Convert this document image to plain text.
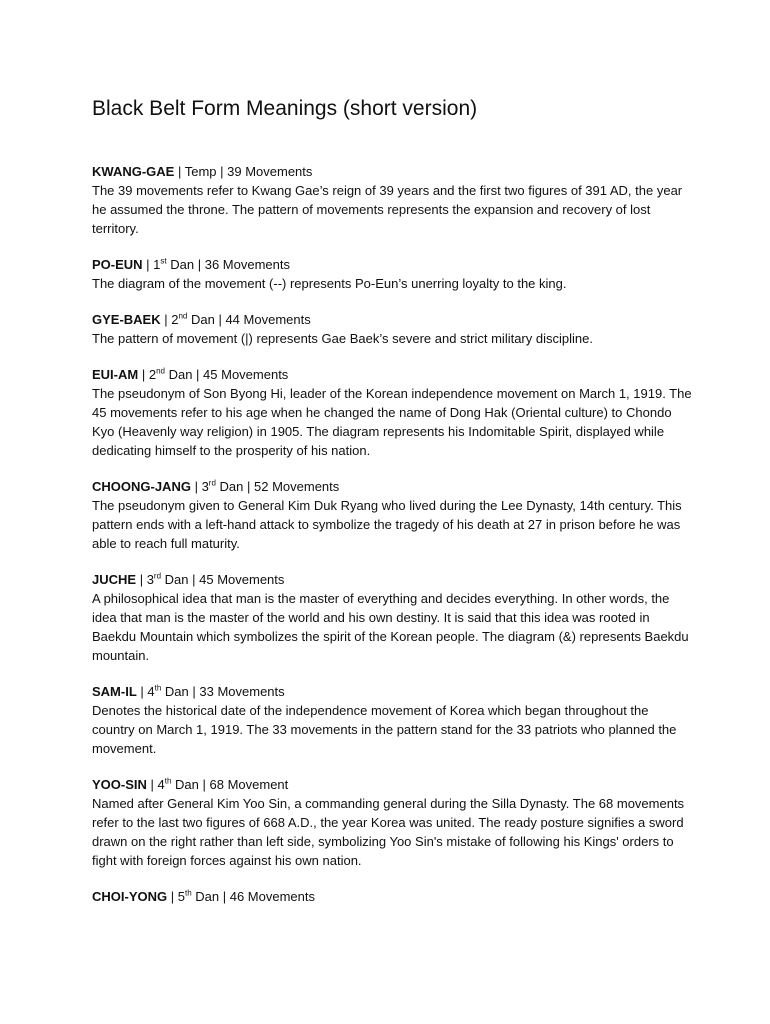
Black Belt Form Meanings (short version)

KWANG-GAE | Temp | 39 Movements

The 39 movements refer to Kwang Gae’s reign of 39 years and the first two figures of 391 AD, the year he assumed the throne. The pattern of movements represents the expansion and recovery of lost territory.

PO-EUN | 1st Dan | 36 Movements

The diagram of the movement (--) represents Po-Eun’s unerring loyalty to the king.

GYE-BAEK | 2nd Dan | 44 Movements

The pattern of movement (|) represents Gae Baek’s severe and strict military discipline.

EUI-AM | 2nd Dan | 45 Movements

The pseudonym of Son Byong Hi, leader of the Korean independence movement on March 1, 1919. The 45 movements refer to his age when he changed the name of Dong Hak (Oriental culture) to Chondo Kyo (Heavenly way religion) in 1905. The diagram represents his Indomitable Spirit, displayed while dedicating himself to the prosperity of his nation.

CHOONG-JANG | 3rd Dan | 52 Movements

The pseudonym given to General Kim Duk Ryang who lived during the Lee Dynasty, 14th century. This pattern ends with a left-hand attack to symbolize the tragedy of his death at 27 in prison before he was able to reach full maturity.

JUCHE | 3rd Dan | 45 Movements

A philosophical idea that man is the master of everything and decides everything. In other words, the idea that man is the master of the world and his own destiny. It is said that this idea was rooted in Baekdu Mountain which symbolizes the spirit of the Korean people. The diagram (&) represents Baekdu mountain.

SAM-IL | 4th Dan | 33 Movements

Denotes the historical date of the independence movement of Korea which began throughout the country on March 1, 1919. The 33 movements in the pattern stand for the 33 patriots who planned the movement.

YOO-SIN | 4th Dan | 68 Movement

Named after General Kim Yoo Sin, a commanding general during the Silla Dynasty. The 68 movements refer to the last two figures of 668 A.D., the year Korea was united. The ready posture signifies a sword drawn on the right rather than left side, symbolizing Yoo Sin's mistake of following his Kings' orders to fight with foreign forces against his own nation.

CHOI-YONG | 5th Dan | 46 Movements
